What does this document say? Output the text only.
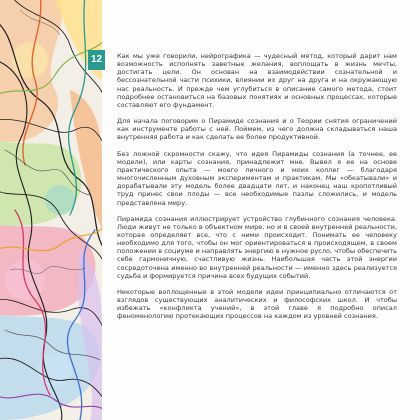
12	Как мы уже говорили, нейрографика — чудесный метод, который дарит нам возможность исполнять заветные желания, воплощать в жизнь мечты, достигать цели. Он основан на взаимодействии сознательной и бессознательной части психики, влиянии их друг на друга и на окружающую нас реальность. И прежде чем углубиться в описание самого метода, стоит подробнее остановиться на базовых понятиях и основных процессах, которые составляют его фундамент.

Для начала поговорим о Пирамиде сознания и о Теории снятия ограничений как инструменте работы с ней. Поймем, из чего должна складываться наша внутренняя работа и как сделать ее более продуктивной.

Без ложной скромности скажу, что идея Пирамиды сознания (а точнее, ее модели), или карты сознания, принадлежит мне. Вывел я ее на основе практического опыта — моего личного и моих коллег — благодаря многочисленным духовным экспериментам и практикам. Мы «обкатывали» и дорабатывали эту модель более двадцати лет, и наконец наш кропотливый труд принес свои плоды — все необходимые пазлы сложились, и модель представлена миру.

Пирамида сознания иллюстрирует устройство глубинного сознания человека. Люди живут не только в объектном мире, но и в своей внутренней реальности, которая определяет все, что с ними происходит. Понимать ее человеку необходимо для того, чтобы он мог ориентироваться в происходящем, в своем положении в социуме и направлять энергию в нужное русло, чтобы обеспечить себе гармоничную, счастливую жизнь. Наибольшая часть этой энергии сосредоточена именно во внутренней реальности — именно здесь реализуется судьба и формируется причина всех будущих событий.

Некоторые воплощенные в этой модели идеи принципиально отличаются от взглядов существующих аналитических и философских школ. И чтобы избежать «конфликта учений», в этой главе я подробно описал феноменологию протекающих процессов на каждом из уровней сознания.
